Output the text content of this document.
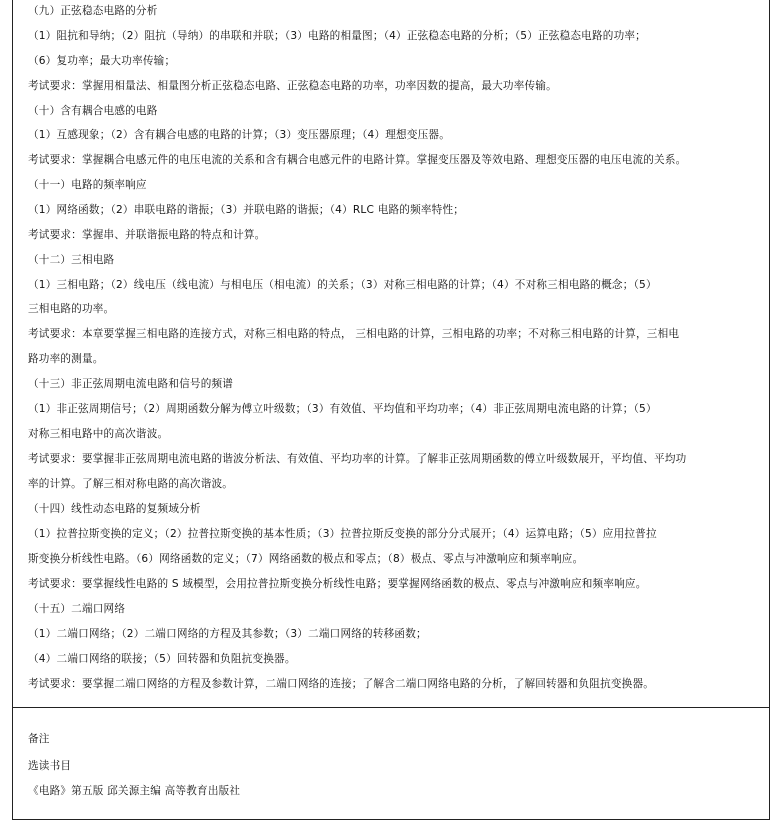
（九）正弦稳态电路的分析
（1）阻抗和导纳；（2）阻抗（导纳）的串联和并联；（3）电路的相量图；（4）正弦稳态电路的分析；（5）正弦稳态电路的功率；
（6）复功率；最大功率传输；
考试要求：掌握用相量法、相量图分析正弦稳态电路、正弦稳态电路的功率，功率因数的提高，最大功率传输。
（十）含有耦合电感的电路
（1）互感现象；（2）含有耦合电感的电路的计算；（3）变压器原理；（4）理想变压器。
考试要求：掌握耦合电感元件的电压电流的关系和含有耦合电感元件的电路计算。掌握变压器及等效电路、理想变压器的电压电流的关系。
（十一）电路的频率响应
（1）网络函数；（2）串联电路的谐振；（3）并联电路的谐振；（4）RLC 电路的频率特性；
考试要求：掌握串、并联谐振电路的特点和计算。
（十二）三相电路
（1）三相电路；（2）线电压（线电流）与相电压（相电流）的关系；（3）对称三相电路的计算；（4）不对称三相电路的概念；（5）
三相电路的功率。
考试要求：本章要掌握三相电路的连接方式，对称三相电路的特点， 三相电路的计算，三相电路的功率；不对称三相电路的计算，三相电
路功率的测量。
（十三）非正弦周期电流电路和信号的频谱
（1）非正弦周期信号；（2）周期函数分解为傅立叶级数；（3）有效值、平均值和平均功率；（4）非正弦周期电流电路的计算；（5）
对称三相电路中的高次谐波。
考试要求：要掌握非正弦周期电流电路的谐波分析法、有效值、平均功率的计算。了解非正弦周期函数的傅立叶级数展开，平均值、平均功
率的计算。了解三相对称电路的高次谐波。
（十四）线性动态电路的复频域分析
（1）拉普拉斯变换的定义；（2）拉普拉斯变换的基本性质；（3）拉普拉斯反变换的部分分式展开；（4）运算电路；（5）应用拉普拉
斯变换分析线性电路。（6）网络函数的定义；（7）网络函数的极点和零点；（8）极点、零点与冲激响应和频率响应。
考试要求：要掌握线性电路的 S 域模型，会用拉普拉斯变换分析线性电路；要掌握网络函数的极点、零点与冲激响应和频率响应。
（十五）二端口网络
（1）二端口网络；（2）二端口网络的方程及其参数；（3）二端口网络的转移函数；
（4）二端口网络的联接；（5）回转器和负阻抗变换器。
考试要求：要掌握二端口网络的方程及参数计算，二端口网络的连接；了解含二端口网络电路的分析，了解回转器和负阻抗变换器。
备注
选读书目
《电路》第五版 邱关源主编 高等教育出版社
